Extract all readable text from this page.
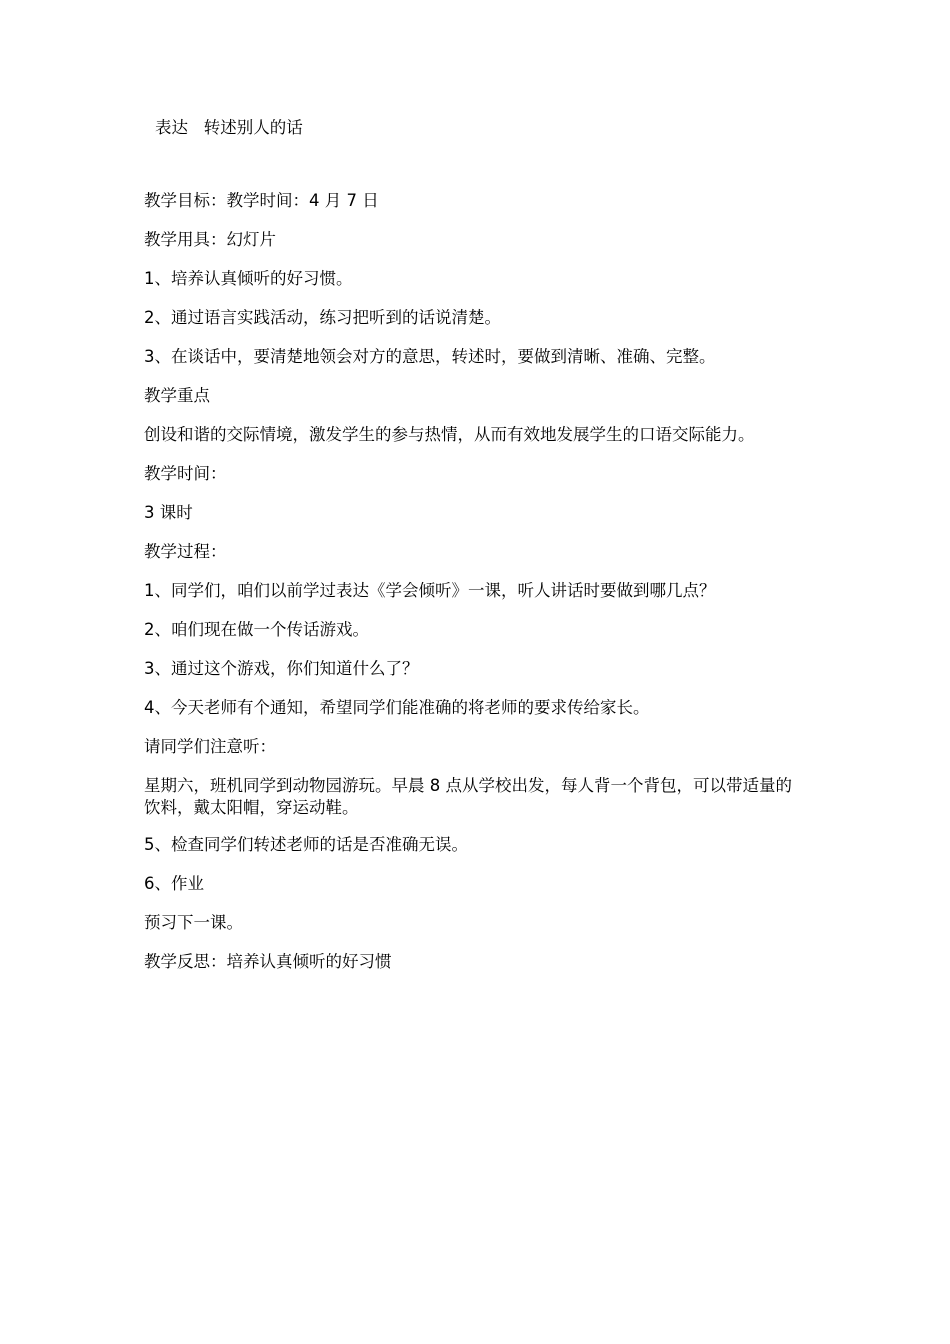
表达   转述别人的话

教学目标：教学时间：4 月 7 日

教学用具：幻灯片

1、培养认真倾听的好习惯。

2、通过语言实践活动，练习把听到的话说清楚。

3、在谈话中，要清楚地领会对方的意思，转述时，要做到清晰、准确、完整。

教学重点

创设和谐的交际情境，激发学生的参与热情，从而有效地发展学生的口语交际能力。

教学时间：

3 课时

教学过程：

1、同学们，咱们以前学过表达《学会倾听》一课，听人讲话时要做到哪几点？

2、咱们现在做一个传话游戏。

3、通过这个游戏，你们知道什么了？

4、今天老师有个通知，希望同学们能准确的将老师的要求传给家长。

请同学们注意听：

星期六，班机同学到动物园游玩。早晨 8 点从学校出发，每人背一个背包，可以带适量的饮料，戴太阳帽，穿运动鞋。

5、检查同学们转述老师的话是否准确无误。

6、作业

预习下一课。

教学反思：培养认真倾听的好习惯
